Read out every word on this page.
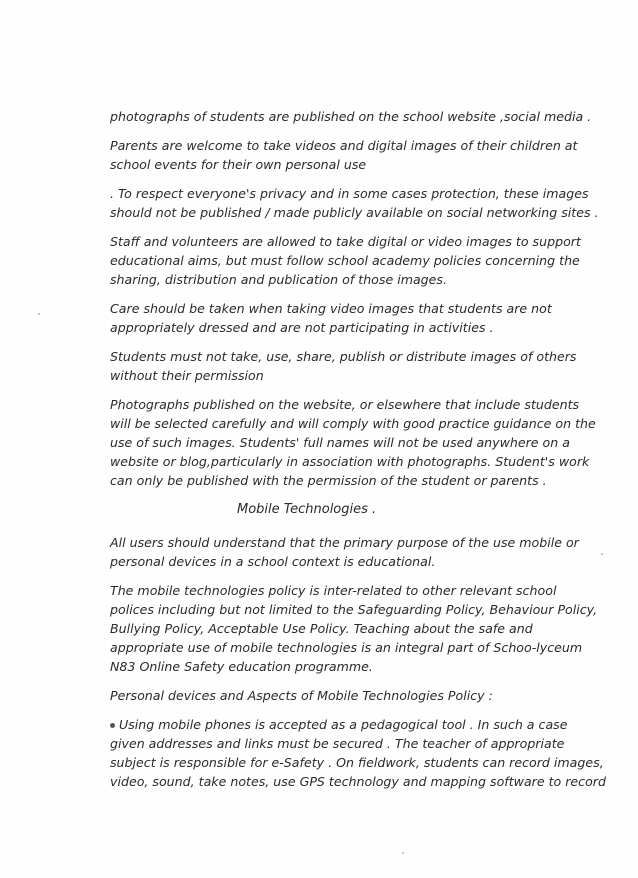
photographs of students are published on the school website ,social media .

Parents are welcome to take videos and digital images of their children at
school events for their own personal use

. To respect everyone's privacy and in some cases protection, these images
should not be published / made publicly available on social networking sites .

Staff and volunteers are allowed to take digital or video images to support
educational aims, but must follow school academy policies concerning the
sharing, distribution and publication of those images.

Care should be taken when taking video images that students are not
appropriately dressed and are not participating in activities .

Students must not take, use, share, publish or distribute images of others
without their permission

Photographs published on the website, or elsewhere that include students
will be selected carefully and will comply with good practice guidance on the
use of such images. Students' full names will not be used anywhere on a
website or blog,particularly in association with photographs. Student's work
can only be published with the permission of the student or parents .

Mobile Technologies .

All users should understand that the primary purpose of the use mobile or
personal devices in a school context is educational.

The mobile technologies policy is inter-related to other relevant school
polices including but not limited to the Safeguarding Policy, Behaviour Policy,
Bullying Policy, Acceptable Use Policy. Teaching about the safe and
appropriate use of mobile technologies is an integral part of Schoo-lyceum
N83 Online Safety education programme.

Personal devices and Aspects of Mobile Technologies Policy :

Using mobile phones is accepted as a pedagogical tool . In such a case
given addresses and links must be secured . The teacher of appropriate
subject is responsible for e-Safety . On fieldwork, students can record images,
video, sound, take notes, use GPS technology and mapping software to record
